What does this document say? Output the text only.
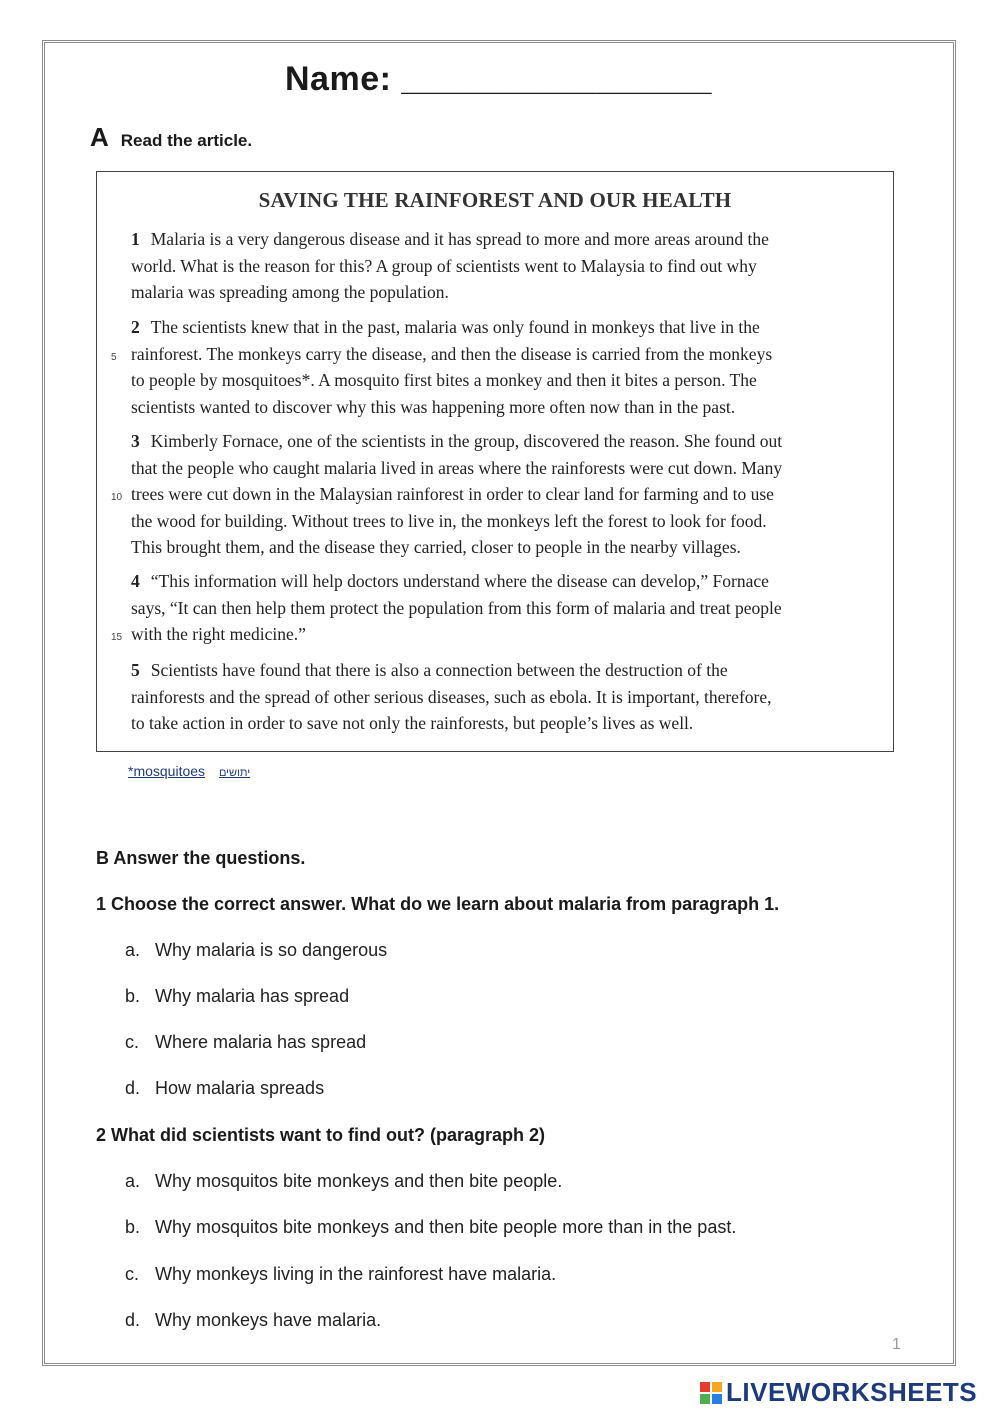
Name: ________________
A Read the article.
SAVING THE RAINFOREST AND OUR HEALTH
1 Malaria is a very dangerous disease and it has spread to more and more areas around the
world. What is the reason for this? A group of scientists went to Malaysia to find out why
malaria was spreading among the population.
2 The scientists knew that in the past, malaria was only found in monkeys that live in the
rainforest. The monkeys carry the disease, and then the disease is carried from the monkeys
to people by mosquitoes*. A mosquito first bites a monkey and then it bites a person. The
scientists wanted to discover why this was happening more often now than in the past.
5
3 Kimberly Fornace, one of the scientists in the group, discovered the reason. She found out
that the people who caught malaria lived in areas where the rainforests were cut down. Many
trees were cut down in the Malaysian rainforest in order to clear land for farming and to use
the wood for building. Without trees to live in, the monkeys left the forest to look for food.
This brought them, and the disease they carried, closer to people in the nearby villages.
10
4 “This information will help doctors understand where the disease can develop,” Fornace
says, “It can then help them protect the population from this form of malaria and treat people
with the right medicine.”
15
5 Scientists have found that there is also a connection between the destruction of the
rainforests and the spread of other serious diseases, such as ebola. It is important, therefore,
to take action in order to save not only the rainforests, but people’s lives as well.
*mosquitoes יתושים
B Answer the questions.
1 Choose the correct answer. What do we learn about malaria from paragraph 1.
a. Why malaria is so dangerous
b. Why malaria has spread
c. Where malaria has spread
d. How malaria spreads
2 What did scientists want to find out? (paragraph 2)
a. Why mosquitos bite monkeys and then bite people.
b. Why mosquitos bite monkeys and then bite people more than in the past.
c. Why monkeys living in the rainforest have malaria.
d. Why monkeys have malaria.
1
LIVEWORKSHEETS
